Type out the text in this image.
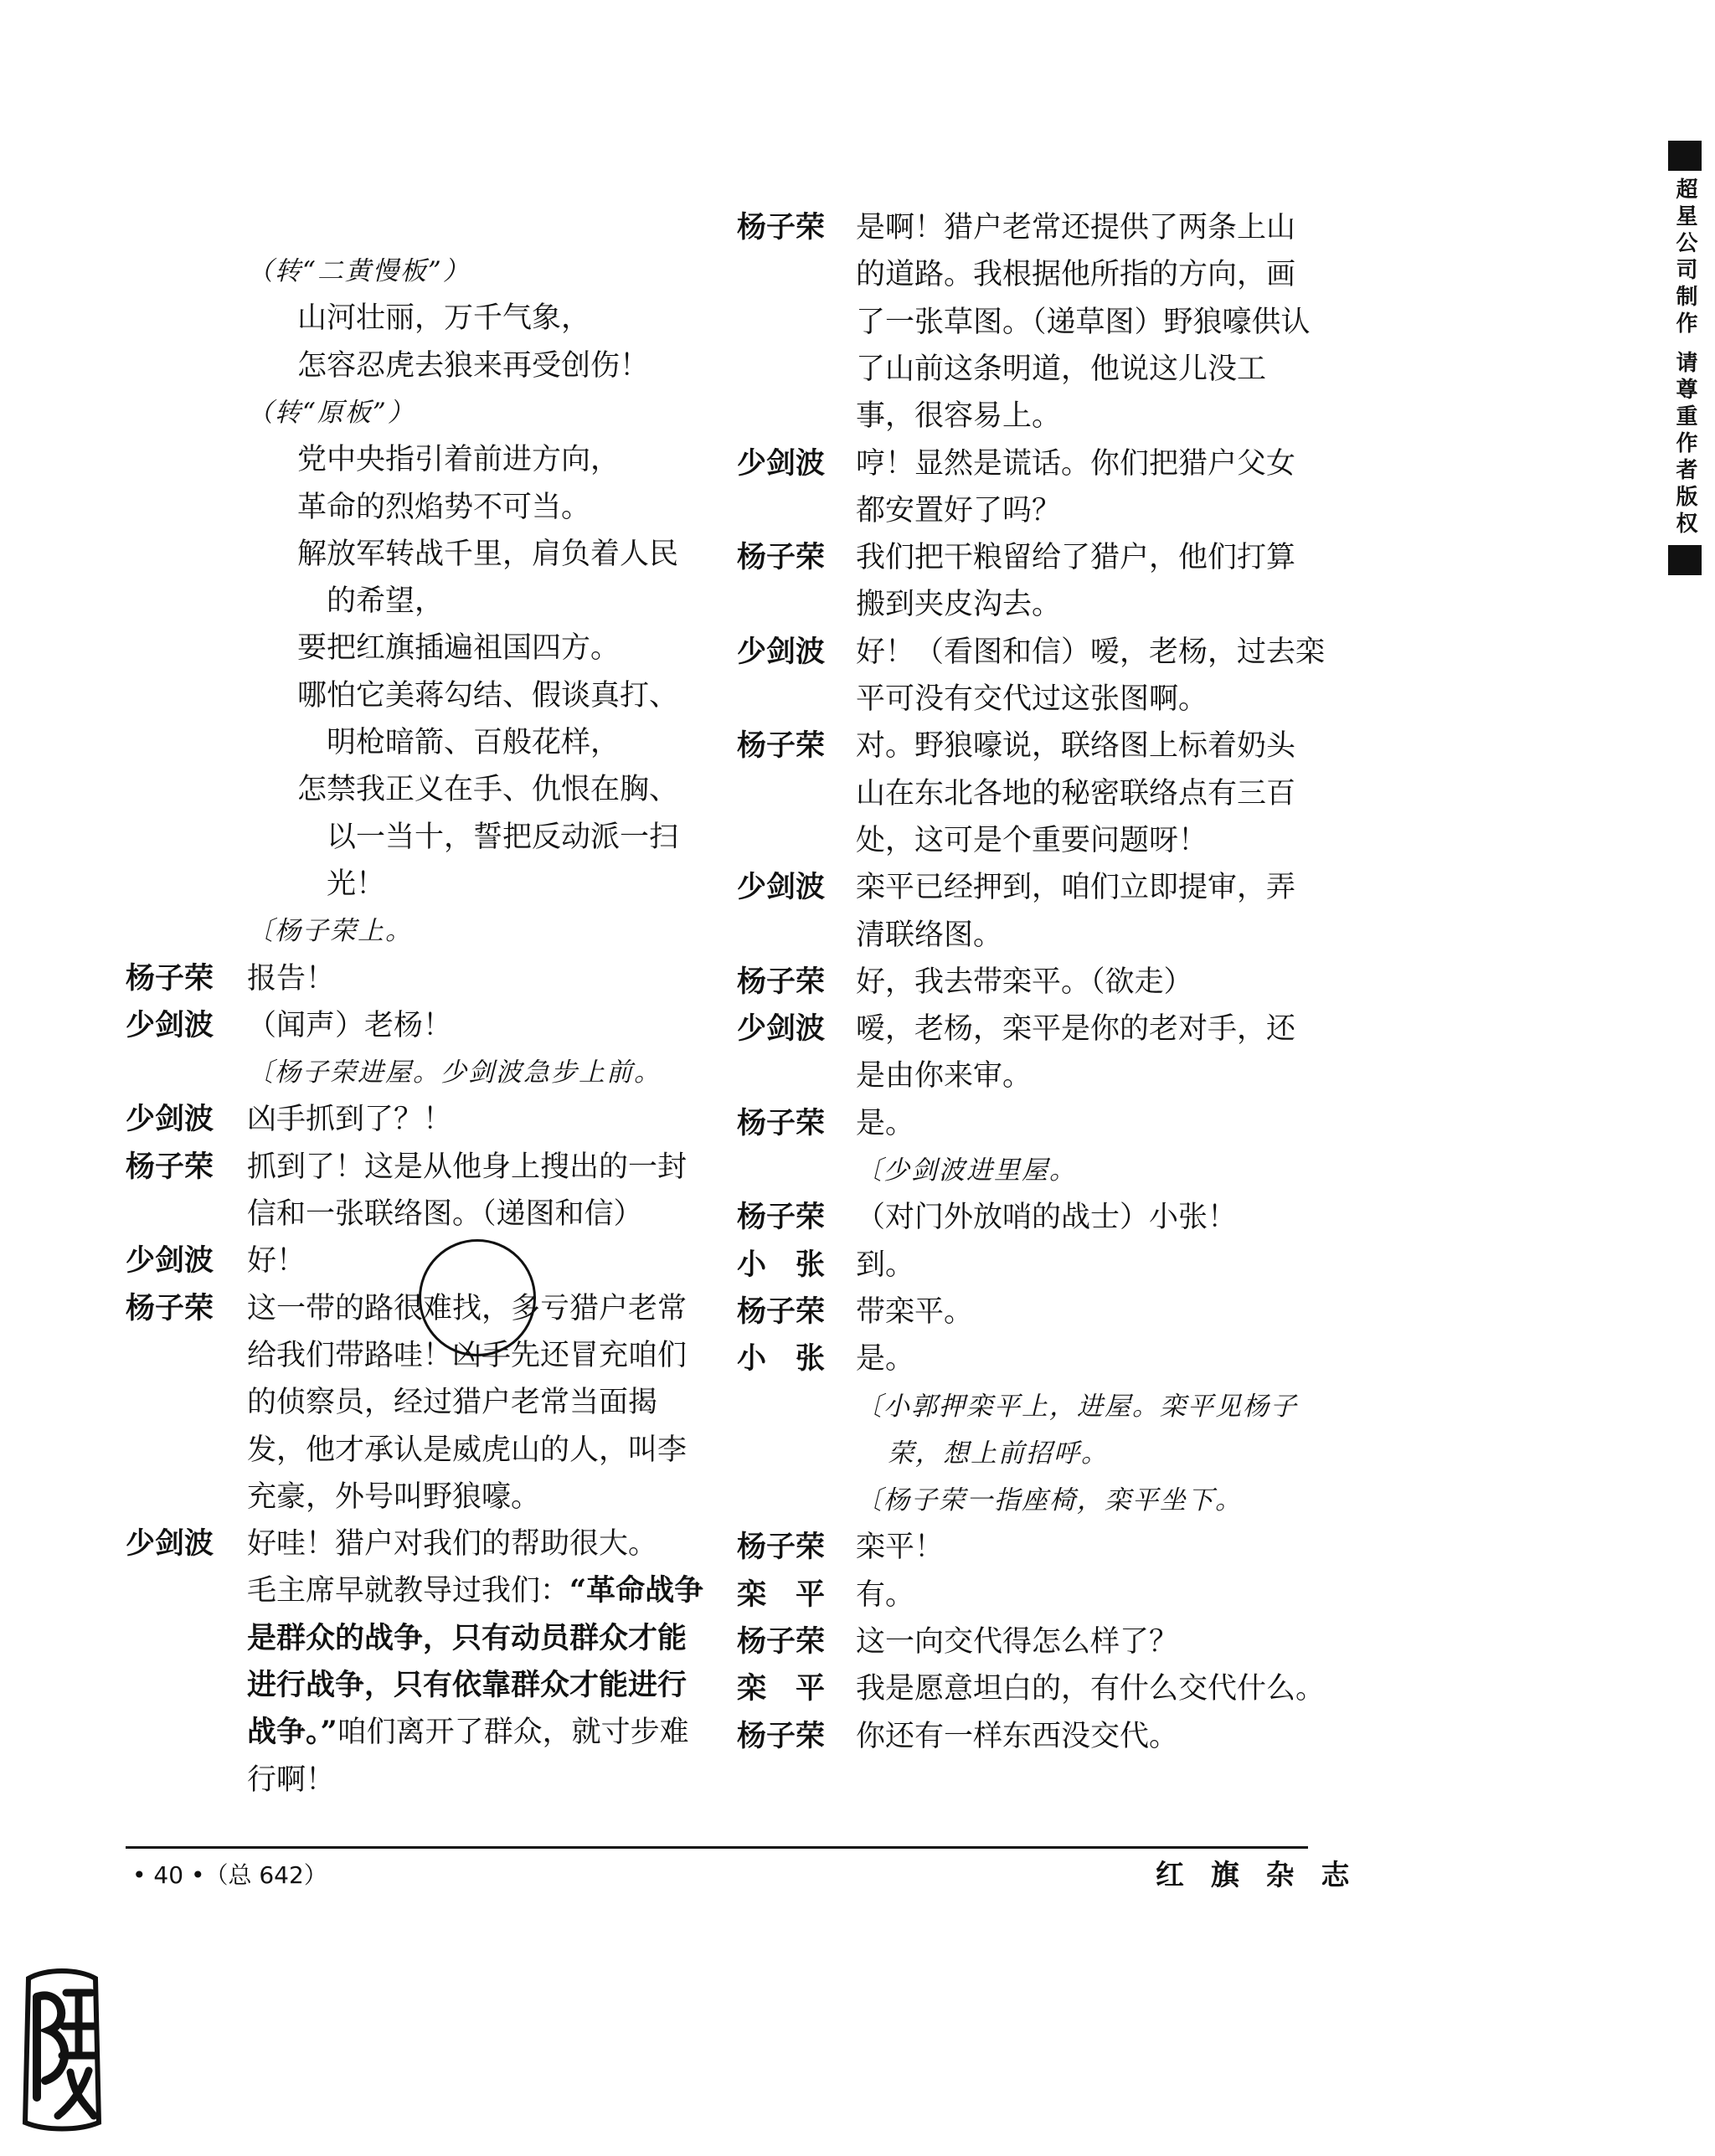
超星公司制作 请尊重作者版权
（转“二黄慢板”）
山河壮丽，万千气象，
怎容忍虎去狼来再受创伤！
（转“原板”）
党中央指引着前进方向，
革命的烈焰势不可当。
解放军转战千里，肩负着人民
的希望，
要把红旗插遍祖国四方。
哪怕它美蒋勾结、假谈真打、
明枪暗箭、百般花样，
怎禁我正义在手、仇恨在胸、
以一当十，誓把反动派一扫
光！
〔杨子荣上。
杨子荣 报告！
少剑波 （闻声）老杨！
〔杨子荣进屋。少剑波急步上前。
少剑波 凶手抓到了？！
杨子荣 抓到了！这是从他身上搜出的一封
信和一张联络图。（递图和信）
少剑波 好！
杨子荣 这一带的路很难找，多亏猎户老常
给我们带路哇！凶手先还冒充咱们
的侦察员，经过猎户老常当面揭
发，他才承认是威虎山的人，叫李
充豪，外号叫野狼嚎。
少剑波 好哇！猎户对我们的帮助很大。
毛主席早就教导过我们：“革命战争
是群众的战争，只有动员群众才能
进行战争，只有依靠群众才能进行
战争。”咱们离开了群众，就寸步难
行啊！
杨子荣 是啊！猎户老常还提供了两条上山
的道路。我根据他所指的方向，画
了一张草图。（递草图）野狼嚎供认
了山前这条明道，他说这儿没工
事，很容易上。
少剑波 哼！显然是谎话。你们把猎户父女
都安置好了吗？
杨子荣 我们把干粮留给了猎户，他们打算
搬到夹皮沟去。
少剑波 好！（看图和信）嗳，老杨，过去栾
平可没有交代过这张图啊。
杨子荣 对。野狼嚎说，联络图上标着奶头
山在东北各地的秘密联络点有三百
处，这可是个重要问题呀！
少剑波 栾平已经押到，咱们立即提审，弄
清联络图。
杨子荣 好，我去带栾平。（欲走）
少剑波 嗳，老杨，栾平是你的老对手，还
是由你来审。
杨子荣 是。
〔少剑波进里屋。
杨子荣 （对门外放哨的战士）小张！
小　张 到。
杨子荣 带栾平。
小　张 是。
〔小郭押栾平上，进屋。栾平见杨子
荣，想上前招呼。
〔杨子荣一指座椅，栾平坐下。
杨子荣 栾平！
栾　平 有。
杨子荣 这一向交代得怎么样了？
栾　平 我是愿意坦白的，有什么交代什么。
杨子荣 你还有一样东西没交代。
• 40 •（总 642）	红 旗 杂 志
